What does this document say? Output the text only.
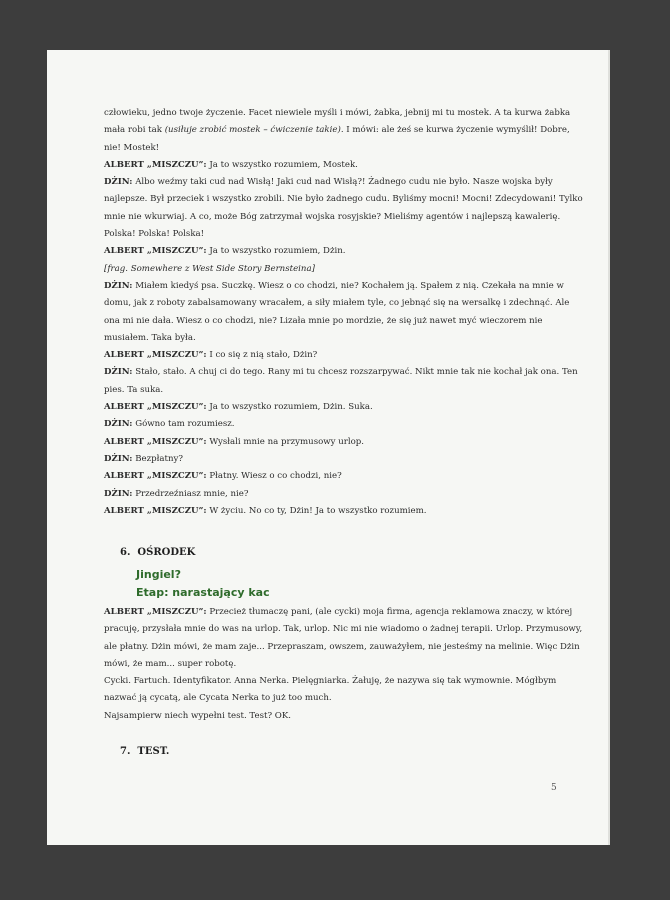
człowieku, jedno twoje życzenie. Facet niewiele myśli i mówi, żabka, jebnij mi tu mostek. A ta kurwa żabka

mała robi tak (usiłuje zrobić mostek – ćwiczenie takie). I mówi: ale żeś se kurwa życzenie wymyślił! Dobre,

nie! Mostek!

ALBERT „MISZCZU”: Ja to wszystko rozumiem, Mostek.

DŻIN: Albo weźmy taki cud nad Wisłą! Jaki cud nad Wisłą?! Żadnego cudu nie było. Nasze wojska były

najlepsze. Był przeciek i wszystko zrobili. Nie było żadnego cudu. Byliśmy mocni! Mocni! Zdecydowani! Tylko

mnie nie wkurwiaj. A co, może Bóg zatrzymał wojska rosyjskie? Mieliśmy agentów i najlepszą kawalerię.

Polska! Polska! Polska!

ALBERT „MISZCZU”: Ja to wszystko rozumiem, Dżin.

[frag. Somewhere z West Side Story Bernsteina]

DŻIN: Miałem kiedyś psa. Suczkę. Wiesz o co chodzi, nie? Kochałem ją. Spałem z nią. Czekała na mnie w

domu, jak z roboty zabalsamowany wracałem, a siły miałem tyle, co jebnąć się na wersalkę i zdechnąć. Ale

ona mi nie dała. Wiesz o co chodzi, nie? Lizała mnie po mordzie, że się już nawet myć wieczorem nie

musiałem. Taka była.

ALBERT „MISZCZU”: I co się z nią stało, Dżin?

DŻIN: Stało, stało. A chuj ci do tego. Rany mi tu chcesz rozszarpywać. Nikt mnie tak nie kochał jak ona. Ten

pies. Ta suka.

ALBERT „MISZCZU”: Ja to wszystko rozumiem, Dżin. Suka.

DŻIN: Gówno tam rozumiesz.

ALBERT „MISZCZU”: Wysłali mnie na przymusowy urlop.

DŻIN: Bezpłatny?

ALBERT „MISZCZU”: Płatny. Wiesz o co chodzi, nie?

DŻIN: Przedrzeźniasz mnie, nie?

ALBERT „MISZCZU”: W życiu. No co ty, Dżin! Ja to wszystko rozumiem.

6. OŚRODEK
Jingiel?
Etap: narastający kac

ALBERT „MISZCZU”: Przecież tłumaczę pani, (ale cycki) moja firma, agencja reklamowa znaczy, w której

pracuję, przysłała mnie do was na urlop. Tak, urlop. Nic mi nie wiadomo o żadnej terapii. Urlop. Przymusowy,

ale płatny. Dżin mówi, że mam zaje... Przepraszam, owszem, zauważyłem, nie jesteśmy na melinie. Więc Dżin

mówi, że mam... super robotę.

Cycki. Fartuch. Identyfikator. Anna Nerka. Pielęgniarka. Żałuję, że nazywa się tak wymownie. Mógłbym

nazwać ją cycatą, ale Cycata Nerka to już too much.

Najsampierw niech wypełni test. Test? OK.

7. TEST.
5
